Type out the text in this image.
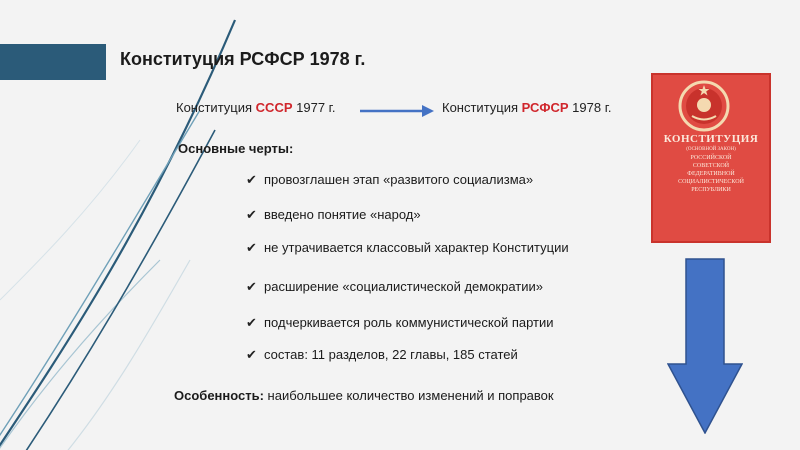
Конституция РСФСР 1978 г.
Конституция СССР 1977 г.	Конституция РСФСР 1978 г.
Основные черты:
✔ провозглашен этап «развитого социализма»
✔ введено понятие «народ»
✔ не утрачивается классовый характер Конституции
✔ расширение «социалистической демократии»
✔ подчеркивается роль коммунистической партии
✔ состав: 11 разделов, 22 главы, 185 статей
Особенность: наибольшее количество изменений и поправок
КОНСТИТУЦИЯ
(ОСНОВНОЙ ЗАКОН)
РОССИЙСКОЙ
СОВЕТСКОЙ
ФЕДЕРАТИВНОЙ
СОЦИАЛИСТИЧЕСКОЙ
РЕСПУБЛИКИ
